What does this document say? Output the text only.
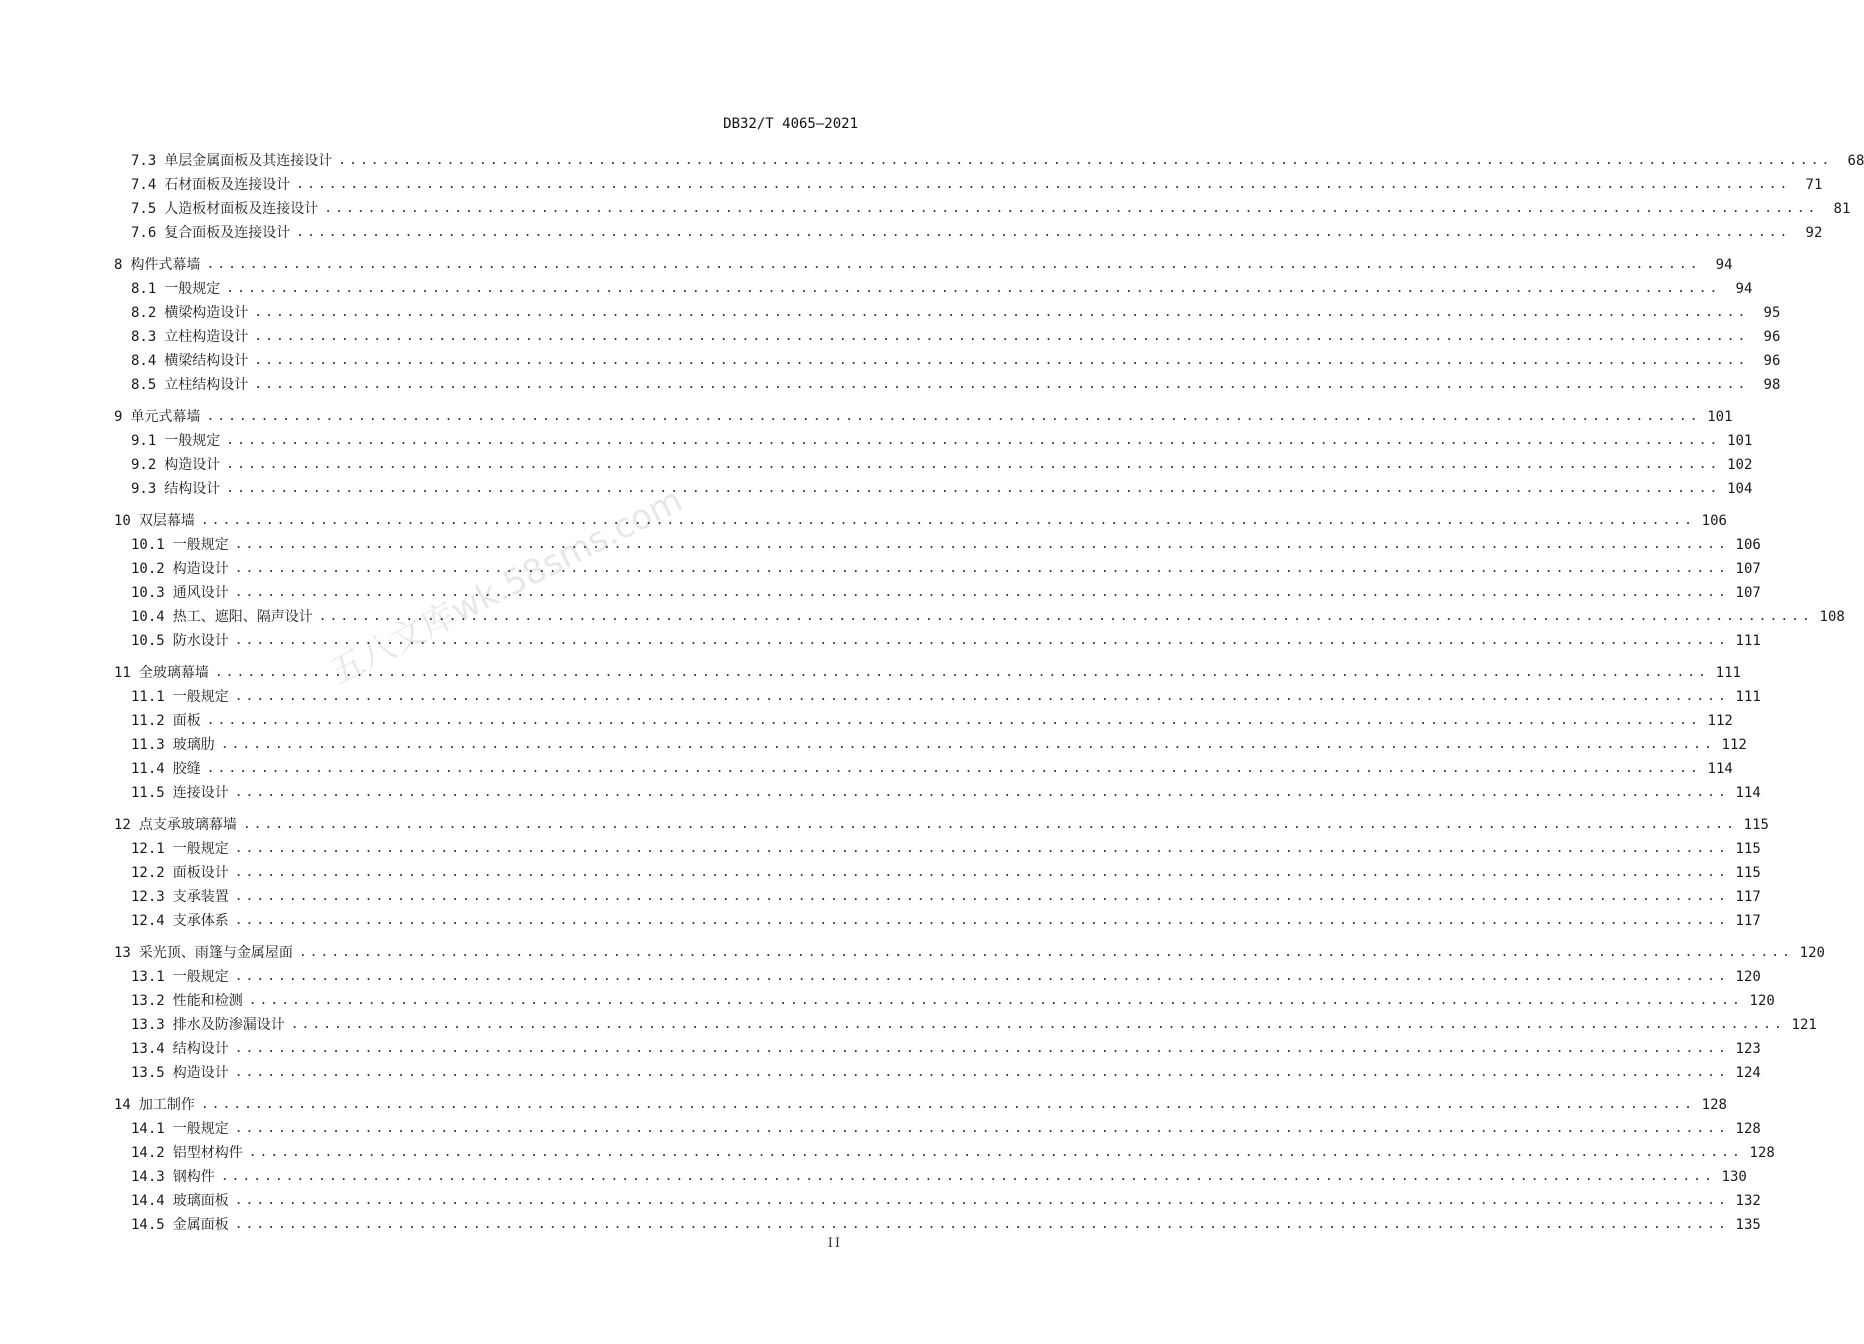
DB32/T 4065—2021
五八文库wk.58sms.com
7.3 单层金属面板及其连接设计 ..........................................................................................................................................	68
7.4 石材面板及连接设计 ..........................................................................................................................................	71
7.5 人造板材面板及连接设计 ..........................................................................................................................................	81
7.6 复合面板及连接设计 ..........................................................................................................................................	92
8 构件式幕墙 ..........................................................................................................................................	94
8.1 一般规定 ..........................................................................................................................................	94
8.2 横梁构造设计 ..........................................................................................................................................	95
8.3 立柱构造设计 ..........................................................................................................................................	96
8.4 横梁结构设计 ..........................................................................................................................................	96
8.5 立柱结构设计 ..........................................................................................................................................	98
9 单元式幕墙 .......................................................................................................................................... 101
9.1 一般规定 .......................................................................................................................................... 101
9.2 构造设计 .......................................................................................................................................... 102
9.3 结构设计 .......................................................................................................................................... 104
10 双层幕墙 .......................................................................................................................................... 106
10.1 一般规定 .......................................................................................................................................... 106
10.2 构造设计 .......................................................................................................................................... 107
10.3 通风设计 .......................................................................................................................................... 107
10.4 热工、遮阳、隔声设计 .......................................................................................................................................... 108
10.5 防水设计 .......................................................................................................................................... 111
11 全玻璃幕墙 .......................................................................................................................................... 111
11.1 一般规定 .......................................................................................................................................... 111
11.2 面板 .......................................................................................................................................... 112
11.3 玻璃肋 .......................................................................................................................................... 112
11.4 胶缝 .......................................................................................................................................... 114
11.5 连接设计 .......................................................................................................................................... 114
12 点支承玻璃幕墙 .......................................................................................................................................... 115
12.1 一般规定 .......................................................................................................................................... 115
12.2 面板设计 .......................................................................................................................................... 115
12.3 支承装置 .......................................................................................................................................... 117
12.4 支承体系 .......................................................................................................................................... 117
13 采光顶、雨篷与金属屋面 .......................................................................................................................................... 120
13.1 一般规定 .......................................................................................................................................... 120
13.2 性能和检测 .......................................................................................................................................... 120
13.3 排水及防渗漏设计 .......................................................................................................................................... 121
13.4 结构设计 .......................................................................................................................................... 123
13.5 构造设计 .......................................................................................................................................... 124
14 加工制作 .......................................................................................................................................... 128
14.1 一般规定 .......................................................................................................................................... 128
14.2 铝型材构件 .......................................................................................................................................... 128
14.3 钢构件 .......................................................................................................................................... 130
14.4 玻璃面板 .......................................................................................................................................... 132
14.5 金属面板 .......................................................................................................................................... 135
II
